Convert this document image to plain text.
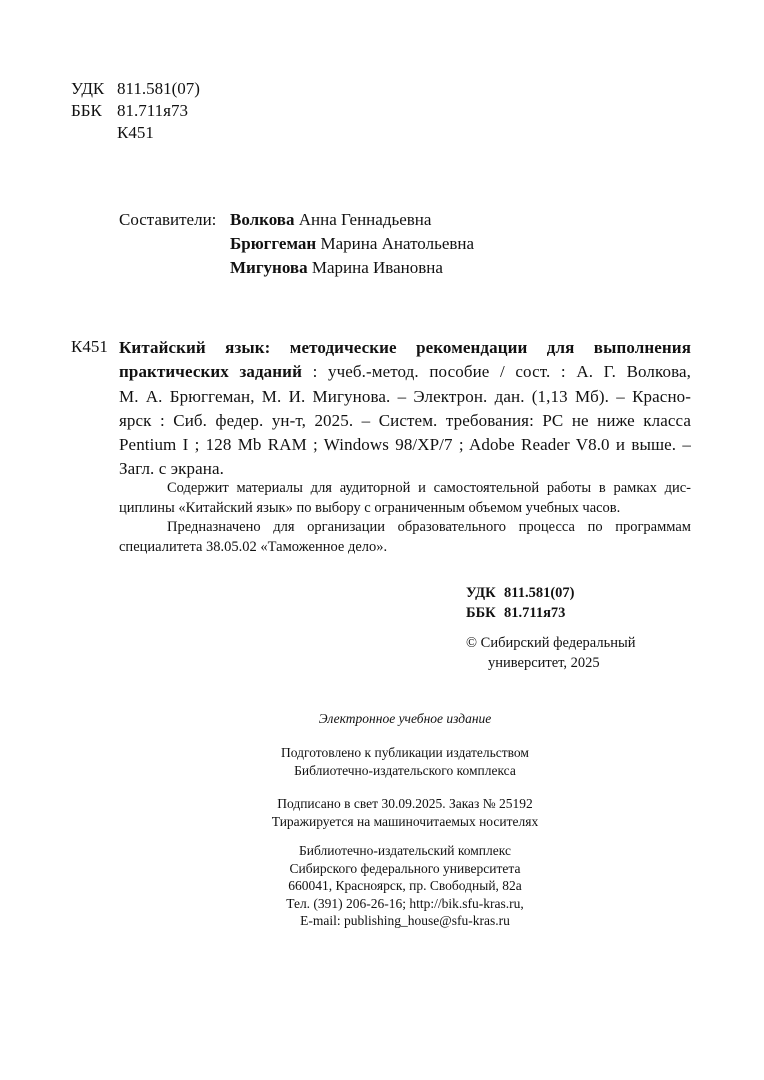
УДК 811.581(07)
ББК 81.711я73
К451
Составители: Волкова Анна Геннадьевна
Брюггеман Марина Анатольевна
Мигунова Марина Ивановна
К451 Китайский язык: методические рекомендации для выполнения
практических заданий : учеб.-метод. пособие / сост. : А. Г. Волкова,
М. А. Брюггеман, М. И. Мигунова. – Электрон. дан. (1,13 Мб). – Красно-
ярск : Сиб. федер. ун-т, 2025. – Систем. требования: PC не ниже класса
Pentium I ; 128 Mb RAM ; Windows 98/XP/7 ; Adobe Reader V8.0 и выше. –
Загл. с экрана.
Содержит материалы для аудиторной и самостоятельной работы в рамках дис-
циплины «Китайский язык» по выбору с ограниченным объемом учебных часов.
Предназначено для организации образовательного процесса по программам
специалитета 38.05.02 «Таможенное дело».
УДК 811.581(07)
ББК 81.711я73
© Сибирский федеральный
университет, 2025
Электронное учебное издание
Подготовлено к публикации издательством
Библиотечно-издательского комплекса
Подписано в свет 30.09.2025. Заказ № 25192
Тиражируется на машиночитаемых носителях
Библиотечно-издательский комплекс
Сибирского федерального университета
660041, Красноярск, пр. Свободный, 82а
Тел. (391) 206-26-16; http://bik.sfu-kras.ru,
E-mail: publishing_house@sfu-kras.ru
